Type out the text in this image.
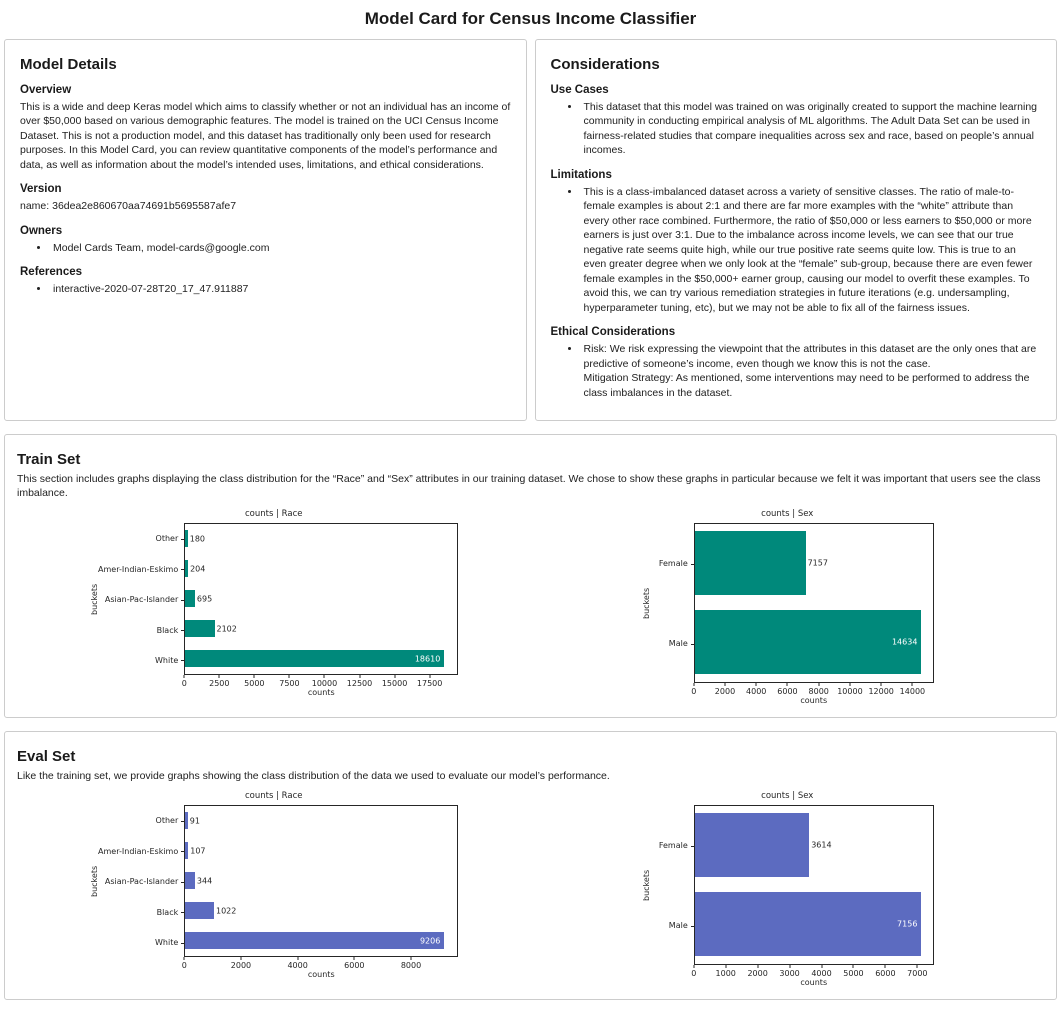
Model Card for Census Income Classifier
Model Details
Overview

This is a wide and deep Keras model which aims to classify whether or not an individual has an income of over $50,000 based on various demographic features. The model is trained on the UCI Census Income Dataset. This is not a production model, and this dataset has traditionally only been used for research purposes. In this Model Card, you can review quantitative components of the model’s performance and data, as well as information about the model’s intended uses, limitations, and ethical considerations.

Version

name: 36dea2e860670aa74691b5695587afe7

Owners
• Model Cards Team, model-cards@google.com
References
• interactive-2020-07-28T20_17_47.911887
Considerations
Use Cases
• This dataset that this model was trained on was originally created to support the machine learning community in conducting empirical analysis of ML algorithms. The Adult Data Set can be used in fairness-related studies that compare inequalities across sex and race, based on people’s annual incomes.
Limitations
• This is a class-imbalanced dataset across a variety of sensitive classes. The ratio of male-to-female examples is about 2:1 and there are far more examples with the “white” attribute than every other race combined. Furthermore, the ratio of $50,000 or less earners to $50,000 or more earners is just over 3:1. Due to the imbalance across income levels, we can see that our true negative rate seems quite high, while our true positive rate seems quite low. This is true to an even greater degree when we only look at the “female” sub-group, because there are even fewer female examples in the $50,000+ earner group, causing our model to overfit these examples. To avoid this, we can try various remediation strategies in future iterations (e.g. undersampling, hyperparameter tuning, etc), but we may not be able to fix all of the fairness issues.
Ethical Considerations
• Risk: We risk expressing the viewpoint that the attributes in this dataset are the only ones that are predictive of someone’s income, even though we know this is not the case.
Mitigation Strategy: As mentioned, some interventions may need to be performed to address the class imbalances in the dataset.
Train Set

This section includes graphs displaying the class distribution for the “Race” and “Sex” attributes in our training dataset. We chose to show these graphs in particular because we felt it was important that users see the class imbalance.

counts | Race
buckets
Other
Amer-Indian-Eskimo
Asian-Pac-Islander
Black
White
180
204
695
2102
18610
0	2500 5000 7500 10000 12500 15000 17500
counts
counts | Sex
buckets
Female
Male
7157
14634
0 2000 4000 6000 8000 10000 12000 14000
counts
Eval Set

Like the training set, we provide graphs showing the class distribution of the data we used to evaluate our model’s performance.

counts | Race
buckets
Other
Amer-Indian-Eskimo
Asian-Pac-Islander
Black
White
91
107
344
1022
9206
0	2000	4000	6000	8000
counts
counts | Sex
buckets
Female
Male
3614
7156
0 1000 2000 3000 4000 5000 6000 7000
counts
